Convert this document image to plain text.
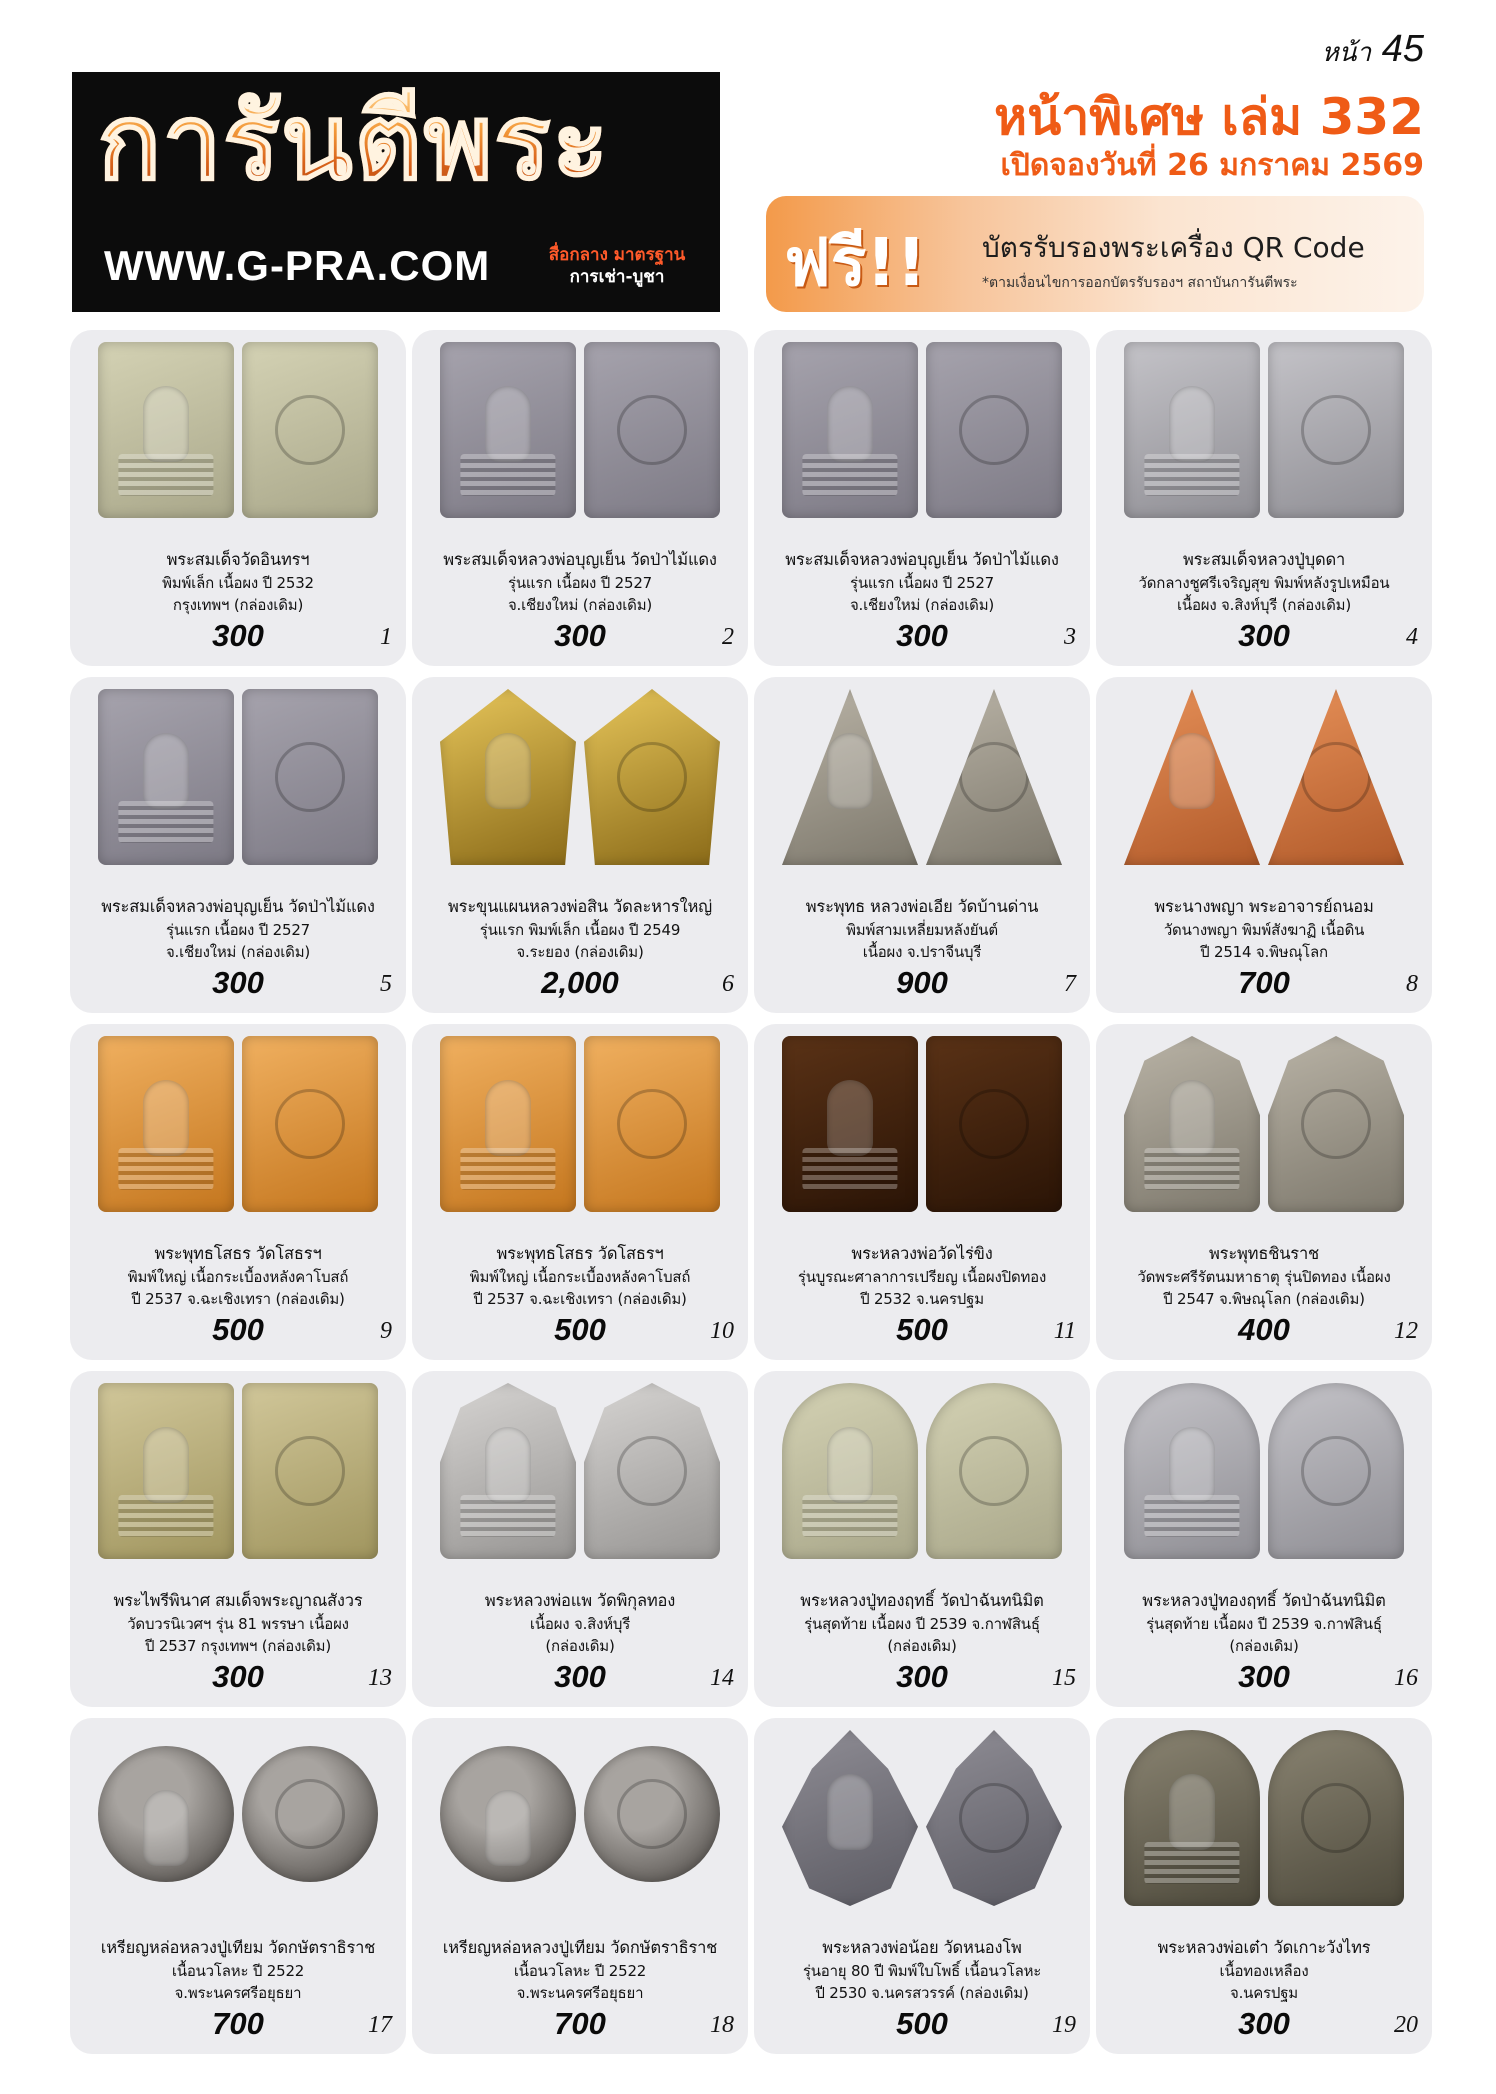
การันตีพระ
WWW.G-PRA.COM	สื่อกลาง มาตรฐาน
การเช่า-บูชา
หน้า 45
หน้าพิเศษ เล่ม 332
เปิดจองวันที่ 26 มกราคม 2569
ฟรี!! บัตรรับรองพระเครื่อง QR Code
*ตามเงื่อนไขการออกบัตรรับรองฯ สถาบันการันตีพระ
พระสมเด็จวัดอินทรฯ
พิมพ์เล็ก เนื้อผง ปี 2532
กรุงเทพฯ (กล่องเดิม)
300	1
พระสมเด็จหลวงพ่อบุญเย็น วัดป่าไม้แดง
รุ่นแรก เนื้อผง ปี 2527
จ.เชียงใหม่ (กล่องเดิม)
300	2
พระสมเด็จหลวงพ่อบุญเย็น วัดป่าไม้แดง
รุ่นแรก เนื้อผง ปี 2527
จ.เชียงใหม่ (กล่องเดิม)
300	3
พระสมเด็จหลวงปู่บุดดา
วัดกลางชูศรีเจริญสุข พิมพ์หลังรูปเหมือน
เนื้อผง จ.สิงห์บุรี (กล่องเดิม)
300	4
พระสมเด็จหลวงพ่อบุญเย็น วัดป่าไม้แดง
รุ่นแรก เนื้อผง ปี 2527
จ.เชียงใหม่ (กล่องเดิม)
300	5
พระขุนแผนหลวงพ่อสิน วัดละหารใหญ่
รุ่นแรก พิมพ์เล็ก เนื้อผง ปี 2549
จ.ระยอง (กล่องเดิม)
2,000	6
พระพุทธ หลวงพ่อเอีย วัดบ้านด่าน
พิมพ์สามเหลี่ยมหลังยันต์
เนื้อผง จ.ปราจีนบุรี
900	7
พระนางพญา พระอาจารย์ถนอม
วัดนางพญา พิมพ์สังฆาฏิ เนื้อดิน
ปี 2514 จ.พิษณุโลก
700	8
พระพุทธโสธร วัดโสธรฯ
พิมพ์ใหญ่ เนื้อกระเบื้องหลังคาโบสถ์
ปี 2537 จ.ฉะเชิงเทรา (กล่องเดิม)
500	9
พระพุทธโสธร วัดโสธรฯ
พิมพ์ใหญ่ เนื้อกระเบื้องหลังคาโบสถ์
ปี 2537 จ.ฉะเชิงเทรา (กล่องเดิม)
500	10
พระหลวงพ่อวัดไร่ขิง
รุ่นบูรณะศาลาการเปรียญ เนื้อผงปิดทอง
ปี 2532 จ.นครปฐม
500	11
พระพุทธชินราช
วัดพระศรีรัตนมหาธาตุ รุ่นปิดทอง เนื้อผง
ปี 2547 จ.พิษณุโลก (กล่องเดิม)
400	12
พระไพรีพินาศ สมเด็จพระญาณสังวร
วัดบวรนิเวศฯ รุ่น 81 พรรษา เนื้อผง
ปี 2537 กรุงเทพฯ (กล่องเดิม)
300	13
พระหลวงพ่อแพ วัดพิกุลทอง
เนื้อผง จ.สิงห์บุรี
(กล่องเดิม)
300	14
พระหลวงปู่ทองฤทธิ์ วัดป่าฉันทนิมิต
รุ่นสุดท้าย เนื้อผง ปี 2539 จ.กาฬสินธุ์
(กล่องเดิม)
300	15
พระหลวงปู่ทองฤทธิ์ วัดป่าฉันทนิมิต
รุ่นสุดท้าย เนื้อผง ปี 2539 จ.กาฬสินธุ์
(กล่องเดิม)
300	16
เหรียญหล่อหลวงปู่เทียม วัดกษัตราธิราช
เนื้อนวโลหะ ปี 2522
จ.พระนครศรีอยุธยา
700	17
เหรียญหล่อหลวงปู่เทียม วัดกษัตราธิราช
เนื้อนวโลหะ ปี 2522
จ.พระนครศรีอยุธยา
700	18
พระหลวงพ่อน้อย วัดหนองโพ
รุ่นอายุ 80 ปี พิมพ์ใบโพธิ์ เนื้อนวโลหะ
ปี 2530 จ.นครสวรรค์ (กล่องเดิม)
500	19
พระหลวงพ่อเต๋า วัดเกาะวังไทร
เนื้อทองเหลือง
จ.นครปฐม
300	20
